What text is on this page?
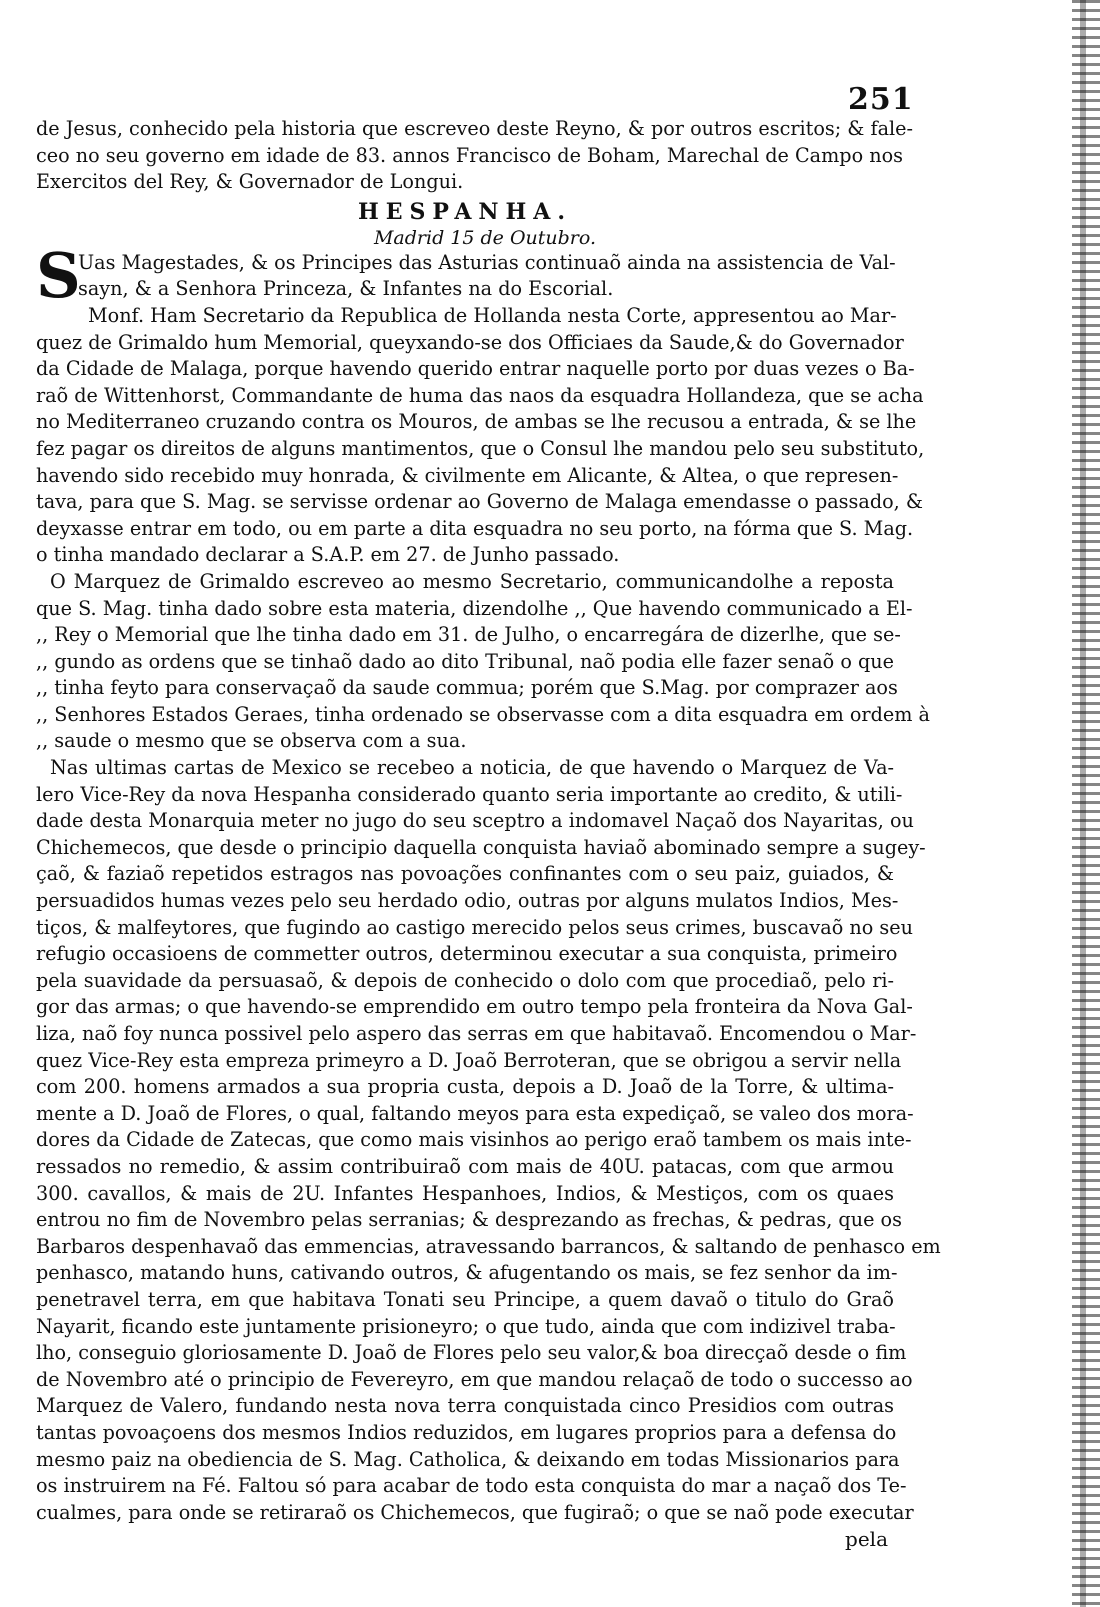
251
de Jesus, conhecido pela historia que escreveo deste Reyno, & por outros escritos; & fale-
ceo no seu governo em idade de 83. annos Francisco de Boham, Marechal de Campo nos
Exercitos del Rey, & Governador de Longui.
HESPANHA.
Madrid 15 de Outubro.
S
Uas Magestades, & os Principes das Asturias continuaõ ainda na assistencia de Val-
sayn, & a Senhora Princeza, & Infantes na do Escorial.
Monf. Ham Secretario da Republica de Hollanda nesta Corte, appresentou ao Mar-
quez de Grimaldo hum Memorial, queyxando-se dos Officiaes da Saude,& do Governador
da Cidade de Malaga, porque havendo querido entrar naquelle porto por duas vezes o Ba-
raõ de Wittenhorst, Commandante de huma das naos da esquadra Hollandeza, que se acha
no Mediterraneo cruzando contra os Mouros, de ambas se lhe recusou a entrada, & se lhe
fez pagar os direitos de alguns mantimentos, que o Consul lhe mandou pelo seu substituto,
havendo sido recebido muy honrada, & civilmente em Alicante, & Altea, o que represen-
tava, para que S. Mag. se servisse ordenar ao Governo de Malaga emendasse o passado, &
deyxasse entrar em todo, ou em parte a dita esquadra no seu porto, na fórma que S. Mag.
o tinha mandado declarar a S.A.P. em 27. de Junho passado.
O Marquez de Grimaldo escreveo ao mesmo Secretario, communicandolhe a reposta
que S. Mag. tinha dado sobre esta materia, dizendolhe ,, Que havendo communicado a El-
,, Rey o Memorial que lhe tinha dado em 31. de Julho, o encarregára de dizerlhe, que se-
,, gundo as ordens que se tinhaõ dado ao dito Tribunal, naõ podia elle fazer senaõ o que
,, tinha feyto para conservaçaõ da saude commua; porém que S.Mag. por comprazer aos
,, Senhores Estados Geraes, tinha ordenado se observasse com a dita esquadra em ordem à
,, saude o mesmo que se observa com a sua.
Nas ultimas cartas de Mexico se recebeo a noticia, de que havendo o Marquez de Va-
lero Vice-Rey da nova Hespanha considerado quanto seria importante ao credito, & utili-
dade desta Monarquia meter no jugo do seu sceptro a indomavel Naçaõ dos Nayaritas, ou
Chichemecos, que desde o principio daquella conquista haviaõ abominado sempre a sugey-
çaõ, & faziaõ repetidos estragos nas povoações confinantes com o seu paiz, guiados, &
persuadidos humas vezes pelo seu herdado odio, outras por alguns mulatos Indios, Mes-
tiços, & malfeytores, que fugindo ao castigo merecido pelos seus crimes, buscavaõ no seu
refugio occasioens de commetter outros, determinou executar a sua conquista, primeiro
pela suavidade da persuasaõ, & depois de conhecido o dolo com que procediaõ, pelo ri-
gor das armas; o que havendo-se emprendido em outro tempo pela fronteira da Nova Gal-
liza, naõ foy nunca possivel pelo aspero das serras em que habitavaõ. Encomendou o Mar-
quez Vice-Rey esta empreza primeyro a D. Joaõ Berroteran, que se obrigou a servir nella
com 200. homens armados a sua propria custa, depois a D. Joaõ de la Torre, & ultima-
mente a D. Joaõ de Flores, o qual, faltando meyos para esta expediçaõ, se valeo dos mora-
dores da Cidade de Zatecas, que como mais visinhos ao perigo eraõ tambem os mais inte-
ressados no remedio, & assim contribuiraõ com mais de 40U. patacas, com que armou
300. cavallos, & mais de 2U. Infantes Hespanhoes, Indios, & Mestiços, com os quaes
entrou no fim de Novembro pelas serranias; & desprezando as frechas, & pedras, que os
Barbaros despenhavaõ das emmencias, atravessando barrancos, & saltando de penhasco em
penhasco, matando huns, cativando outros, & afugentando os mais, se fez senhor da im-
penetravel terra, em que habitava Tonati seu Principe, a quem davaõ o titulo do Graõ
Nayarit, ficando este juntamente prisioneyro; o que tudo, ainda que com indizivel traba-
lho, conseguio gloriosamente D. Joaõ de Flores pelo seu valor,& boa direcçaõ desde o fim
de Novembro até o principio de Fevereyro, em que mandou relaçaõ de todo o successo ao
Marquez de Valero, fundando nesta nova terra conquistada cinco Presidios com outras
tantas povoaçoens dos mesmos Indios reduzidos, em lugares proprios para a defensa do
mesmo paiz na obediencia de S. Mag. Catholica, & deixando em todas Missionarios para
os instruirem na Fé. Faltou só para acabar de todo esta conquista do mar a naçaõ dos Te-
cualmes, para onde se retiraraõ os Chichemecos, que fugiraõ; o que se naõ pode executar
pela
